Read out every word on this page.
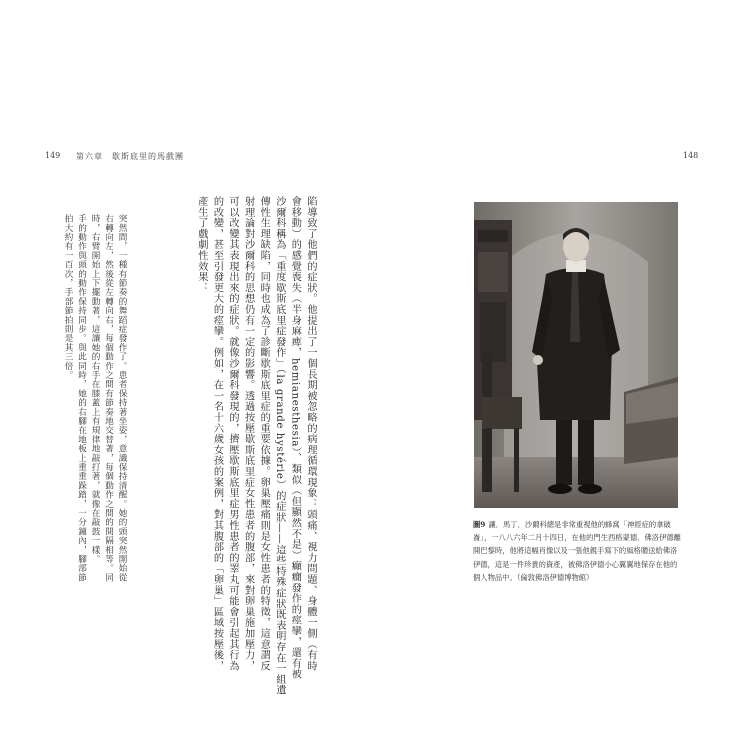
149 第六章　歇斯底里的馬戲團
陷導致了他們的症狀。他提出了一個長期被忽略的病理循環現象：頭痛、視力問題、身體一側（有時
會移動）的感覺喪失（半身麻痺，hemianesthesia）、類似（但顯然不是）癲癇發作的痙攣，還有被
沙爾科稱為「重度歇斯底里症發作」（la grande hystérie）的症狀——這些特殊症狀既表明存在一組遺
傳性生理缺陷，同時也成為了診斷歇斯底里症的重要依據。卵巢壓痛則是女性患者的特徵，這意謂反
射理論對沙爾科的思想仍有一定的影響。透過按壓歇斯底里症女性患者的腹部，來對卵巢施加壓力，
可以改變其表現出來的症狀。就像沙爾科發現的，擠壓歇斯底里症男性患者的睪丸可能會引起其行為
的改變，甚至引發更大的痙攣。例如，在一名十六歲女孩的案例，對其腹部的「卵巢」區域按壓後，
產生了戲劇性效果：
突然間，一種有節奏的舞蹈症發作了。患者保持著坐姿，意識保持清醒。她的頭突然開始從
右轉向左，然後從左轉向右，每個動作之間有節奏地交替著，每個動作之間的間隔相等。同
時，右臂開始上下擺動著，這讓她的右手在膝蓋上有規律地敲打著，就像在敲鼓一樣。
手的動作與頭的動作保持同步。與此同時，她的右腳在地板上重重跺踏，一分鐘內，腳部節
拍大約有一百次，手部節拍則是其三倍。
148
圖9 讓．馬丁．沙爾科總是非常重視他的蜂窩「神經症的拿破崙」，一八八六年二月十四日，在他的門生西格蒙德．佛洛伊德離開巴黎時，他將這幅肖像以及一張他親手寫下的風格贈送給佛洛伊德，這是一件珍貴的資產，被佛洛伊德小心翼翼地保存在他的個人物品中。（倫敦佛洛伊德博物館）
